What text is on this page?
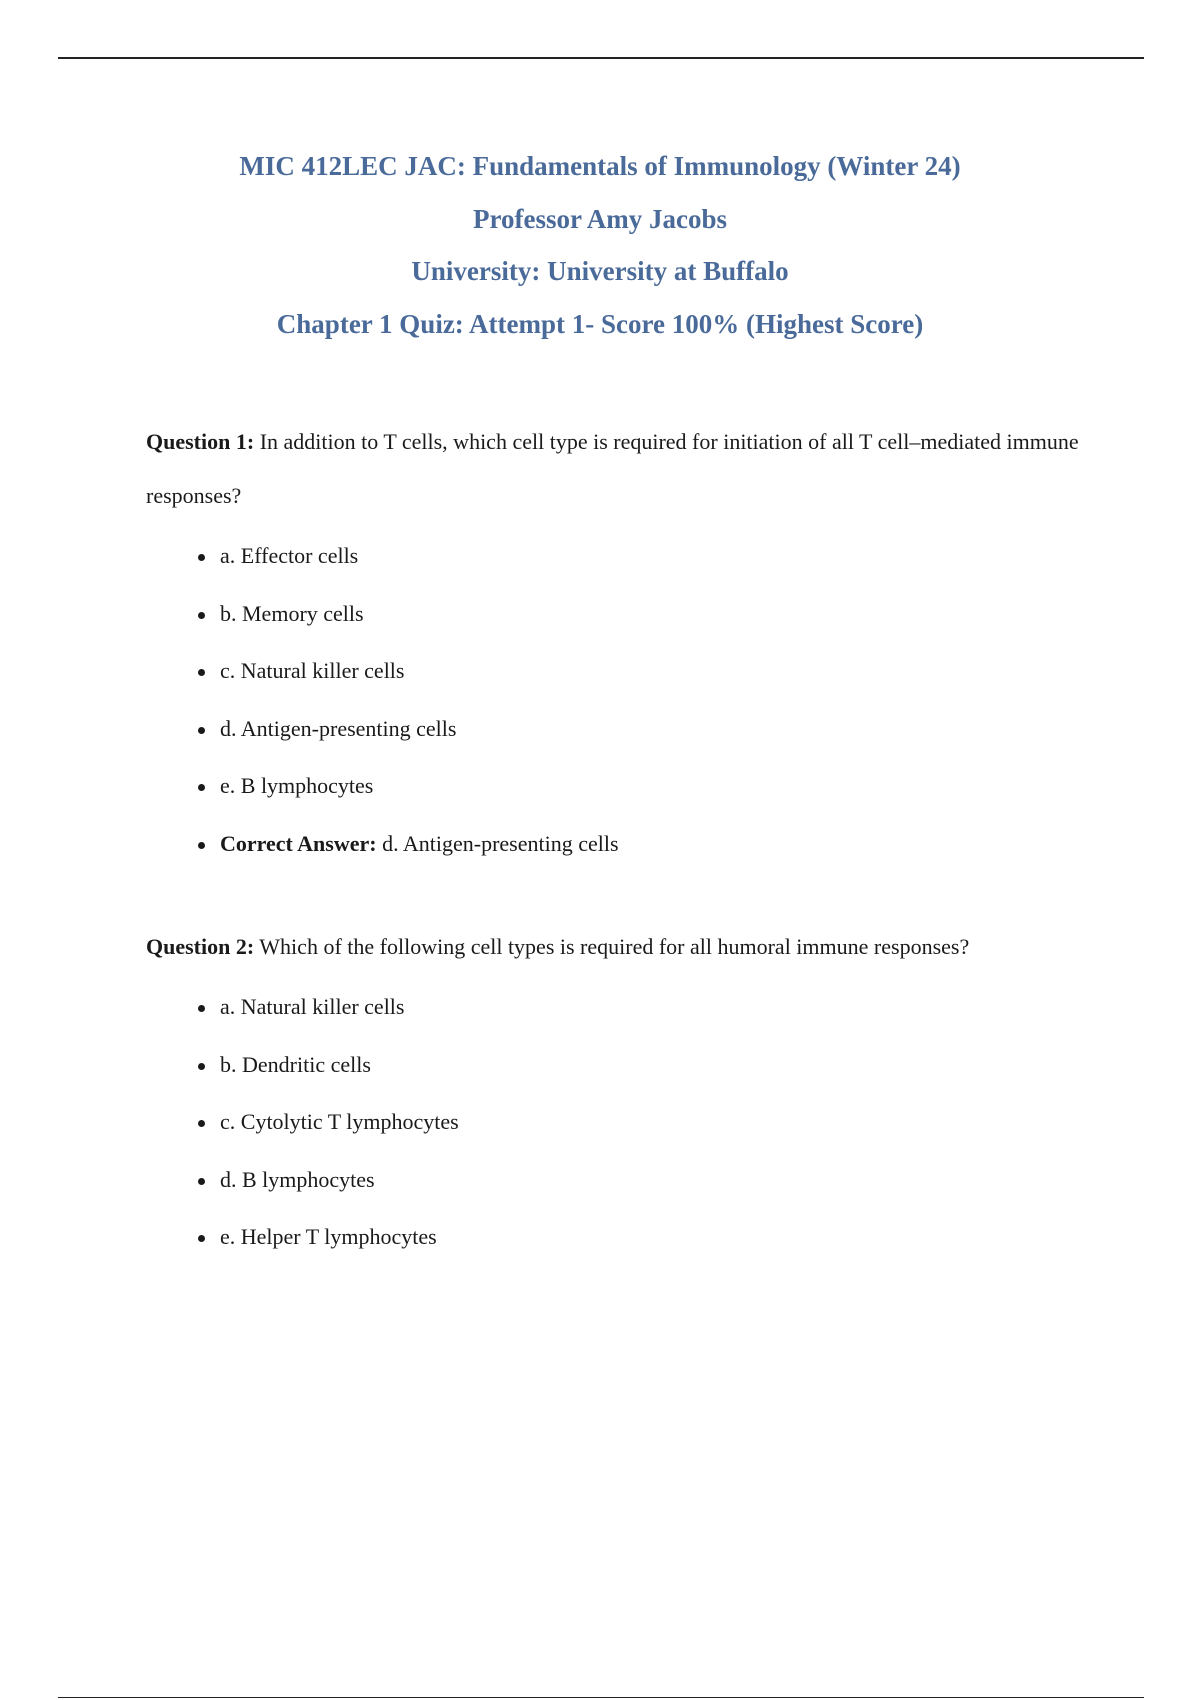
MIC 412LEC JAC: Fundamentals of Immunology (Winter 24)
Professor Amy Jacobs
University: University at Buffalo
Chapter 1 Quiz: Attempt 1- Score 100% (Highest Score)

Question 1: In addition to T cells, which cell type is required for initiation of all T cell–mediated immune responses?

a. Effector cells
b. Memory cells
c. Natural killer cells
d. Antigen-presenting cells
e. B lymphocytes
Correct Answer: d. Antigen-presenting cells

Question 2: Which of the following cell types is required for all humoral immune responses?

a. Natural killer cells
b. Dendritic cells
c. Cytolytic T lymphocytes
d. B lymphocytes
e. Helper T lymphocytes
